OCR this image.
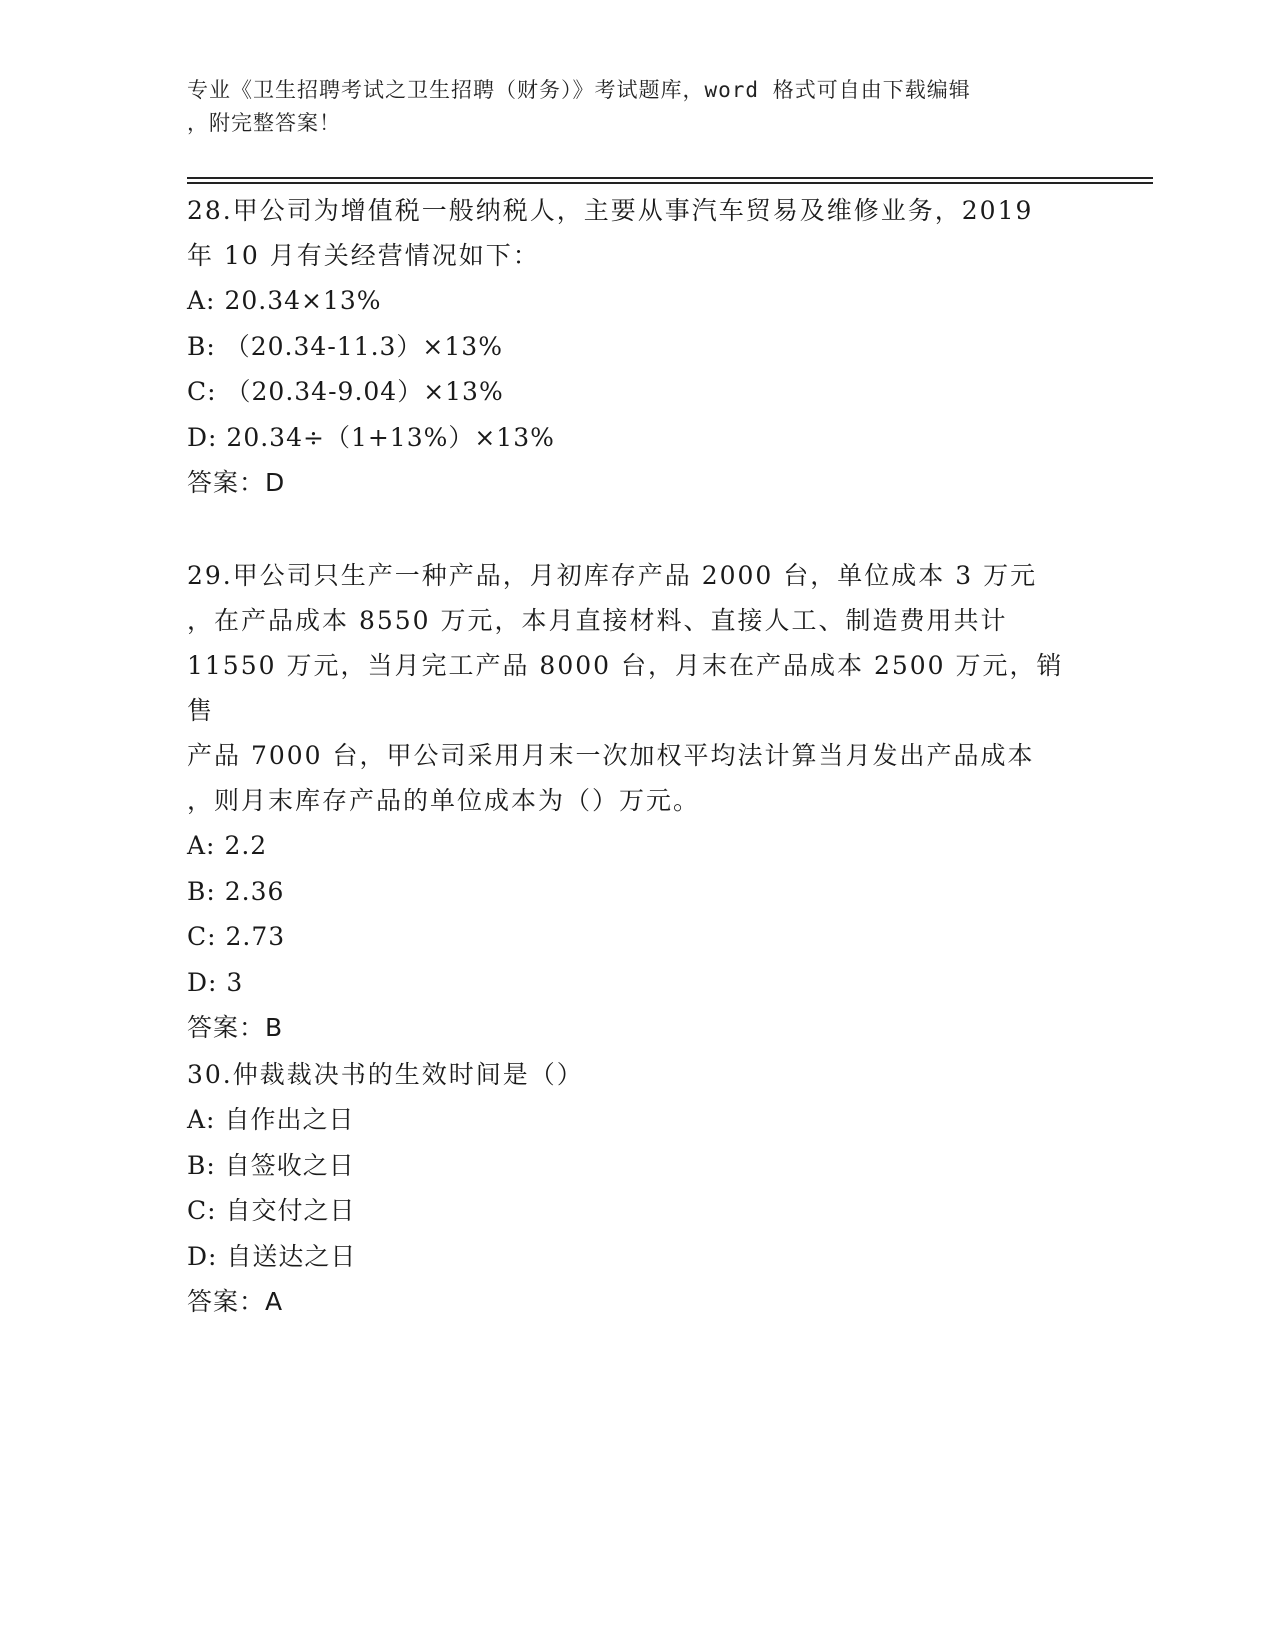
专业《卫生招聘考试之卫生招聘（财务）》考试题库，word 格式可自由下载编辑
，附完整答案！

28.甲公司为增值税一般纳税人，主要从事汽车贸易及维修业务，2019

年 10 月有关经营情况如下：

A: 20.34×13%

B: （20.34-11.3）×13%

C: （20.34-9.04）×13%

D: 20.34÷（1+13%）×13%

答案：D

29.甲公司只生产一种产品，月初库存产品 2000 台，单位成本 3 万元

，在产品成本 8550 万元，本月直接材料、直接人工、制造费用共计

11550 万元，当月完工产品 8000 台，月末在产品成本 2500 万元，销售

产品 7000 台，甲公司采用月末一次加权平均法计算当月发出产品成本

，则月末库存产品的单位成本为（）万元。

A: 2.2

B: 2.36

C: 2.73

D: 3

答案：B

30.仲裁裁决书的生效时间是（）

A: 自作出之日

B: 自签收之日

C: 自交付之日

D: 自送达之日

答案：A
